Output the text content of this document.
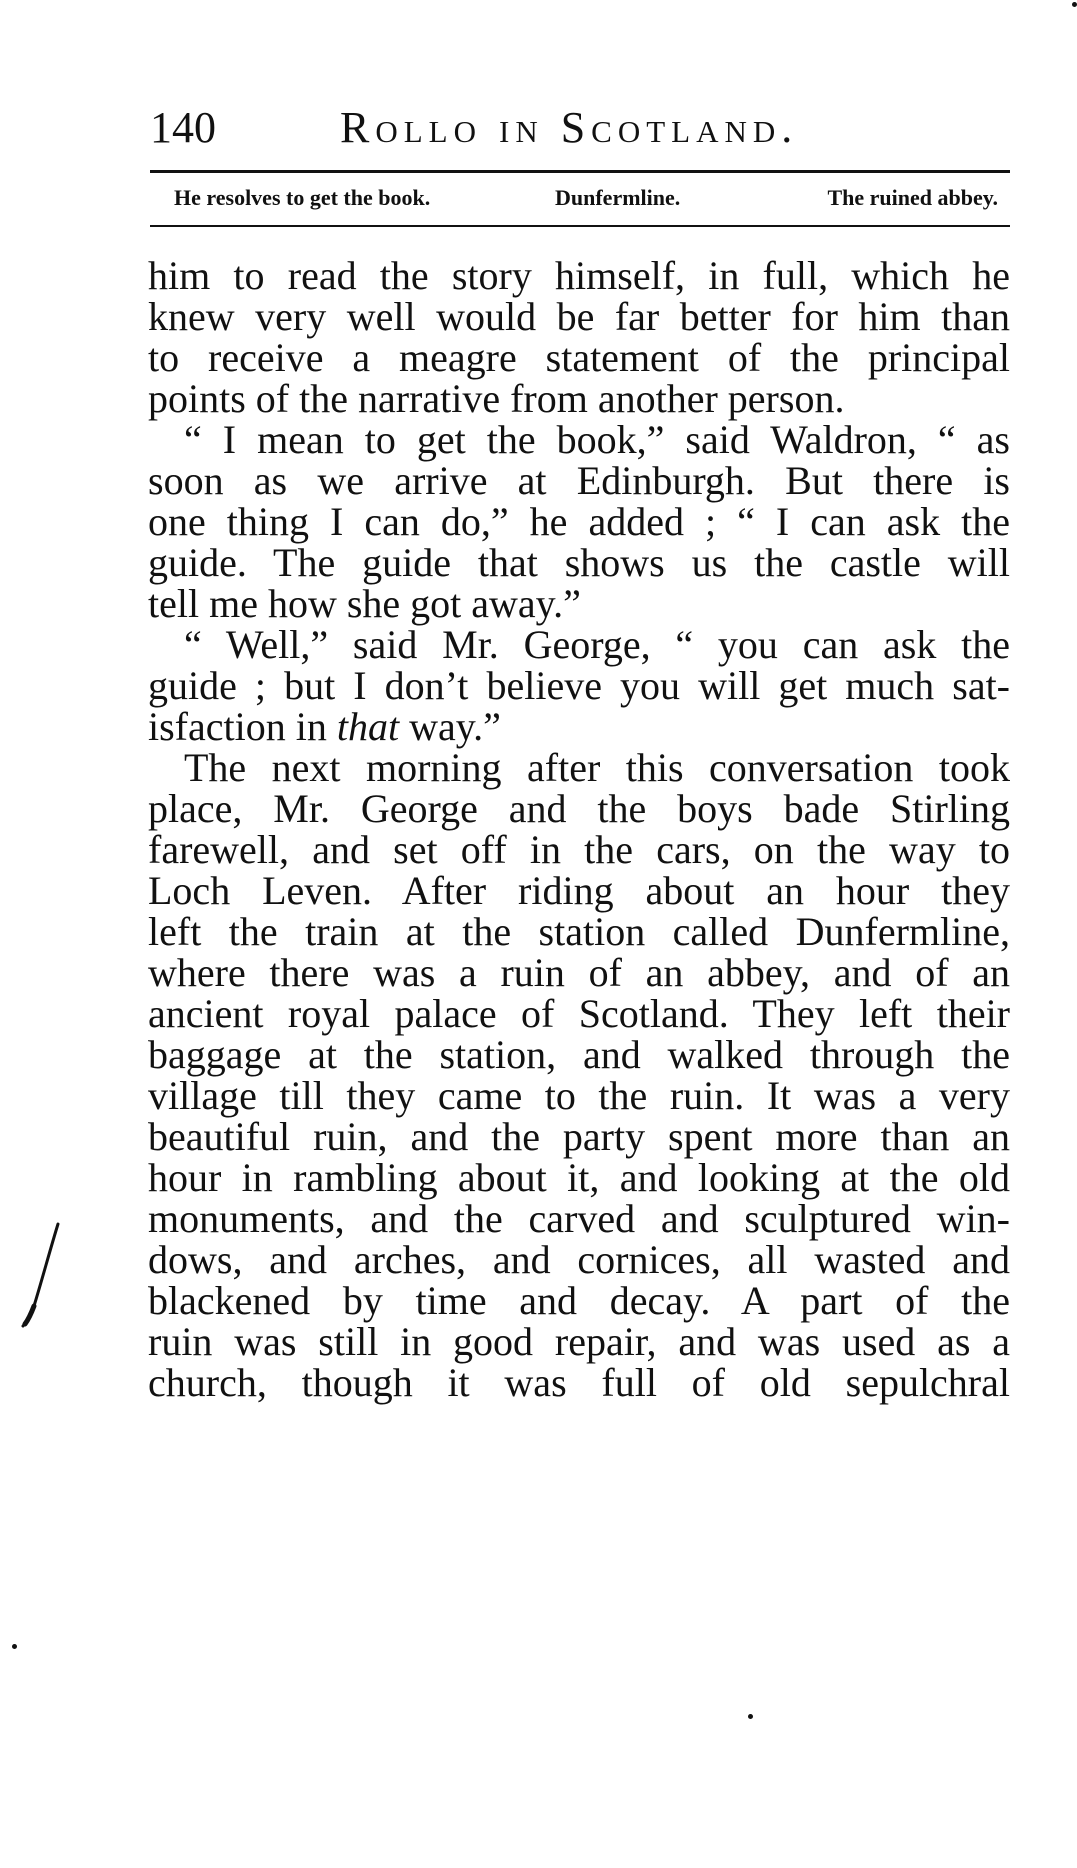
140	Rollo in Scotland.
He resolves to get the book.	Dunfermline.	The ruined abbey.
him to read the story himself, in full, which he
knew very well would be far better for him than
to receive a meagre statement of the principal
points of the narrative from another person.
“ I mean to get the book,” said Waldron, “ as
soon as we arrive at Edinburgh. But there is
one thing I can do,” he added ; “ I can ask the
guide. The guide that shows us the castle will
tell me how she got away.”
“ Well,” said Mr. George, “ you can ask the
guide ; but I don’t believe you will get much sat-
isfaction in that way.”
The next morning after this conversation took
place, Mr. George and the boys bade Stirling
farewell, and set off in the cars, on the way to
Loch Leven. After riding about an hour they
left the train at the station called Dunfermline,
where there was a ruin of an abbey, and of an
ancient royal palace of Scotland. They left their
baggage at the station, and walked through the
village till they came to the ruin. It was a very
beautiful ruin, and the party spent more than an
hour in rambling about it, and looking at the old
monuments, and the carved and sculptured win-
dows, and arches, and cornices, all wasted and
blackened by time and decay. A part of the
ruin was still in good repair, and was used as a
church, though it was full of old sepulchral
